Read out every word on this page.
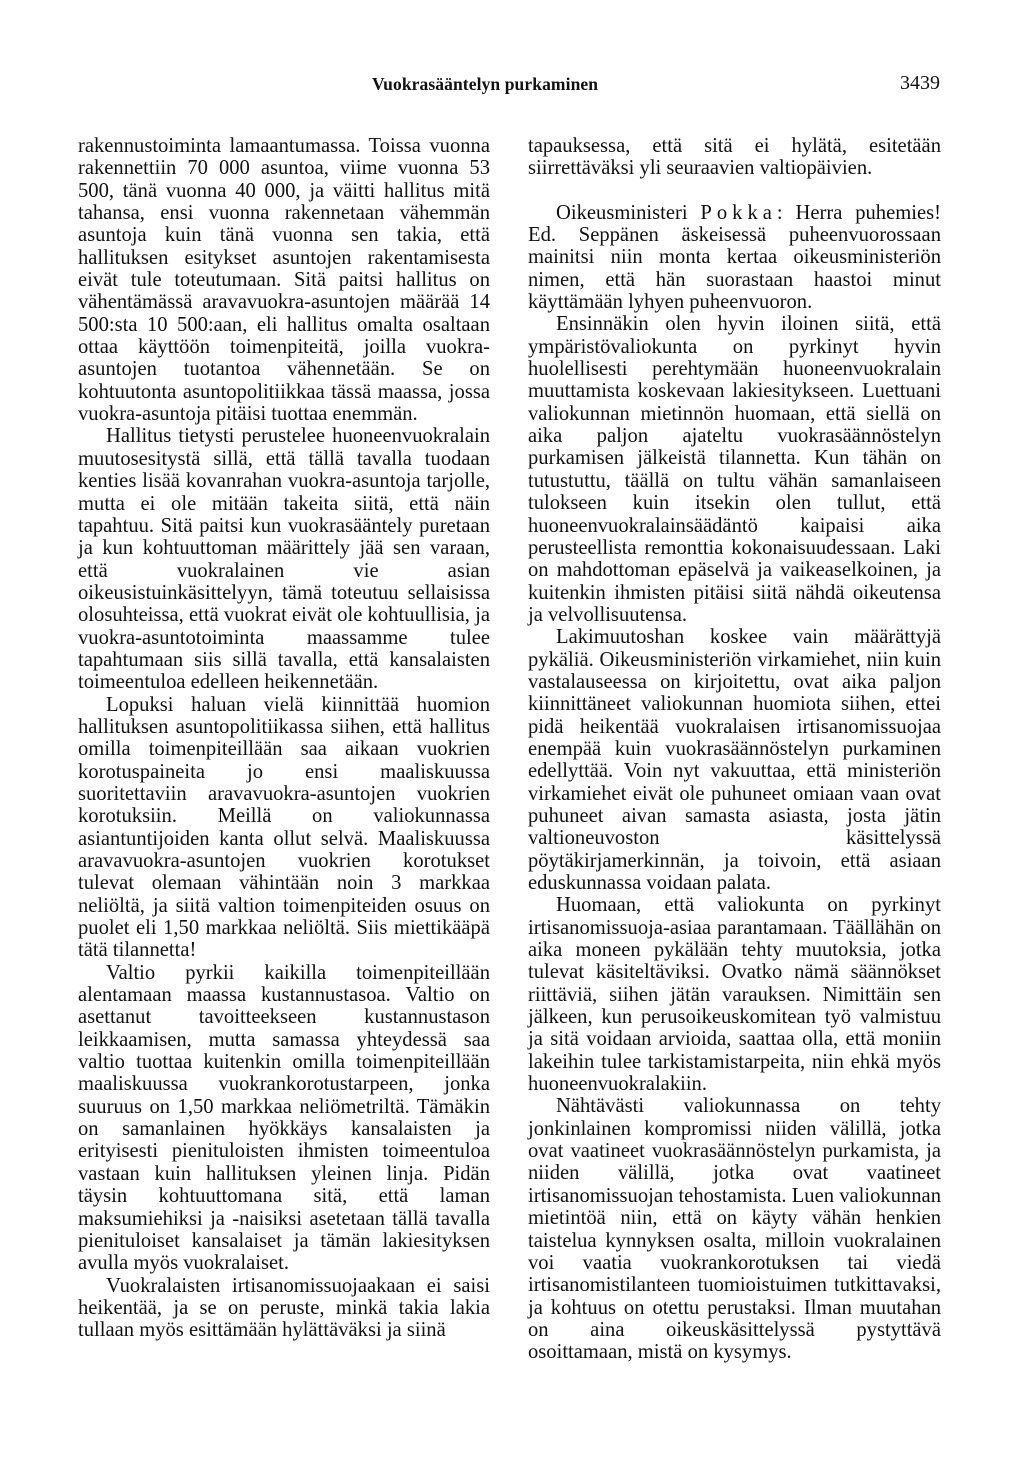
Vuokrasääntelyn purkaminen	3439

rakennustoiminta lamaantumassa. Toissa vuonna rakennettiin 70 000 asuntoa, viime vuonna 53 500, tänä vuonna 40 000, ja väitti hallitus mitä tahansa, ensi vuonna rakennetaan vähemmän asuntoja kuin tänä vuonna sen takia, että hallituksen esitykset asuntojen rakentamisesta eivät tule toteutumaan. Sitä paitsi hallitus on vähentämässä aravavuokra-asuntojen määrää 14 500:sta 10 500:aan, eli hallitus omalta osaltaan ottaa käyttöön toimenpiteitä, joilla vuokra-asuntojen tuotantoa vähennetään. Se on kohtuutonta asuntopolitiikkaa tässä maassa, jossa vuokra-asuntoja pitäisi tuottaa enemmän.

Hallitus tietysti perustelee huoneenvuokralain muutosesitystä sillä, että tällä tavalla tuodaan kenties lisää kovanrahan vuokra-asuntoja tarjolle, mutta ei ole mitään takeita siitä, että näin tapahtuu. Sitä paitsi kun vuokrasääntely puretaan ja kun kohtuuttoman määrittely jää sen varaan, että vuokralainen vie asian oikeusistuinkäsittelyyn, tämä toteutuu sellaisissa olosuhteissa, että vuokrat eivät ole kohtuullisia, ja vuokra-asuntotoiminta maassamme tulee tapahtumaan siis sillä tavalla, että kansalaisten toimeentuloa edelleen heikennetään.

Lopuksi haluan vielä kiinnittää huomion hallituksen asuntopolitiikassa siihen, että hallitus omilla toimenpiteillään saa aikaan vuokrien korotuspaineita jo ensi maaliskuussa suoritettaviin aravavuokra-asuntojen vuokrien korotuksiin. Meillä on valiokunnassa asiantuntijoiden kanta ollut selvä. Maaliskuussa aravavuokra-asuntojen vuokrien korotukset tulevat olemaan vähintään noin 3 markkaa neliöltä, ja siitä valtion toimenpiteiden osuus on puolet eli 1,50 markkaa neliöltä. Siis miettikääpä tätä tilannetta!

Valtio pyrkii kaikilla toimenpiteillään alentamaan maassa kustannustasoa. Valtio on asettanut tavoitteekseen kustannustason leikkaamisen, mutta samassa yhteydessä saa valtio tuottaa kuitenkin omilla toimenpiteillään maaliskuussa vuokrankorotustarpeen, jonka suuruus on 1,50 markkaa neliömetriltä. Tämäkin on samanlainen hyökkäys kansalaisten ja erityisesti pienituloisten ihmisten toimeentuloa vastaan kuin hallituksen yleinen linja. Pidän täysin kohtuuttomana sitä, että laman maksumiehiksi ja -naisiksi asetetaan tällä tavalla pienituloiset kansalaiset ja tämän lakiesityksen avulla myös vuokralaiset.

Vuokralaisten irtisanomissuojaakaan ei saisi heikentää, ja se on peruste, minkä takia lakia tullaan myös esittämään hylättäväksi ja siinä

tapauksessa, että sitä ei hylätä, esitetään siirrettäväksi yli seuraavien valtiopäivien.

Oikeusministeri Pokka: Herra puhemies! Ed. Seppänen äskeisessä puheenvuorossaan mainitsi niin monta kertaa oikeusministeriön nimen, että hän suorastaan haastoi minut käyttämään lyhyen puheenvuoron.

Ensinnäkin olen hyvin iloinen siitä, että ympäristövaliokunta on pyrkinyt hyvin huolellisesti perehtymään huoneenvuokralain muuttamista koskevaan lakiesitykseen. Luettuani valiokunnan mietinnön huomaan, että siellä on aika paljon ajateltu vuokrasäännöstelyn purkamisen jälkeistä tilannetta. Kun tähän on tutustuttu, täällä on tultu vähän samanlaiseen tulokseen kuin itsekin olen tullut, että huoneenvuokralainsäädäntö kaipaisi aika perusteellista remonttia kokonaisuudessaan. Laki on mahdottoman epäselvä ja vaikeaselkoinen, ja kuitenkin ihmisten pitäisi siitä nähdä oikeutensa ja velvollisuutensa.

Lakimuutoshan koskee vain määrättyjä pykäliä. Oikeusministeriön virkamiehet, niin kuin vastalauseessa on kirjoitettu, ovat aika paljon kiinnittäneet valiokunnan huomiota siihen, ettei pidä heikentää vuokralaisen irtisanomissuojaa enempää kuin vuokrasäännöstelyn purkaminen edellyttää. Voin nyt vakuuttaa, että ministeriön virkamiehet eivät ole puhuneet omiaan vaan ovat puhuneet aivan samasta asiasta, josta jätin valtioneuvoston käsittelyssä pöytäkirjamerkinnän, ja toivoin, että asiaan eduskunnassa voidaan palata.

Huomaan, että valiokunta on pyrkinyt irtisanomissuoja-asiaa parantamaan. Täällähän on aika moneen pykälään tehty muutoksia, jotka tulevat käsiteltäviksi. Ovatko nämä säännökset riittäviä, siihen jätän varauksen. Nimittäin sen jälkeen, kun perusoikeuskomitean työ valmistuu ja sitä voidaan arvioida, saattaa olla, että moniin lakeihin tulee tarkistamistarpeita, niin ehkä myös huoneenvuokralakiin.

Nähtävästi valiokunnassa on tehty jonkinlainen kompromissi niiden välillä, jotka ovat vaatineet vuokrasäännöstelyn purkamista, ja niiden välillä, jotka ovat vaatineet irtisanomissuojan tehostamista. Luen valiokunnan mietintöä niin, että on käyty vähän henkien taistelua kynnyksen osalta, milloin vuokralainen voi vaatia vuokrankorotuksen tai viedä irtisanomistilanteen tuomioistuimen tutkittavaksi, ja kohtuus on otettu perustaksi. Ilman muutahan on aina oikeuskäsittelyssä pystyttävä osoittamaan, mistä on kysymys.
